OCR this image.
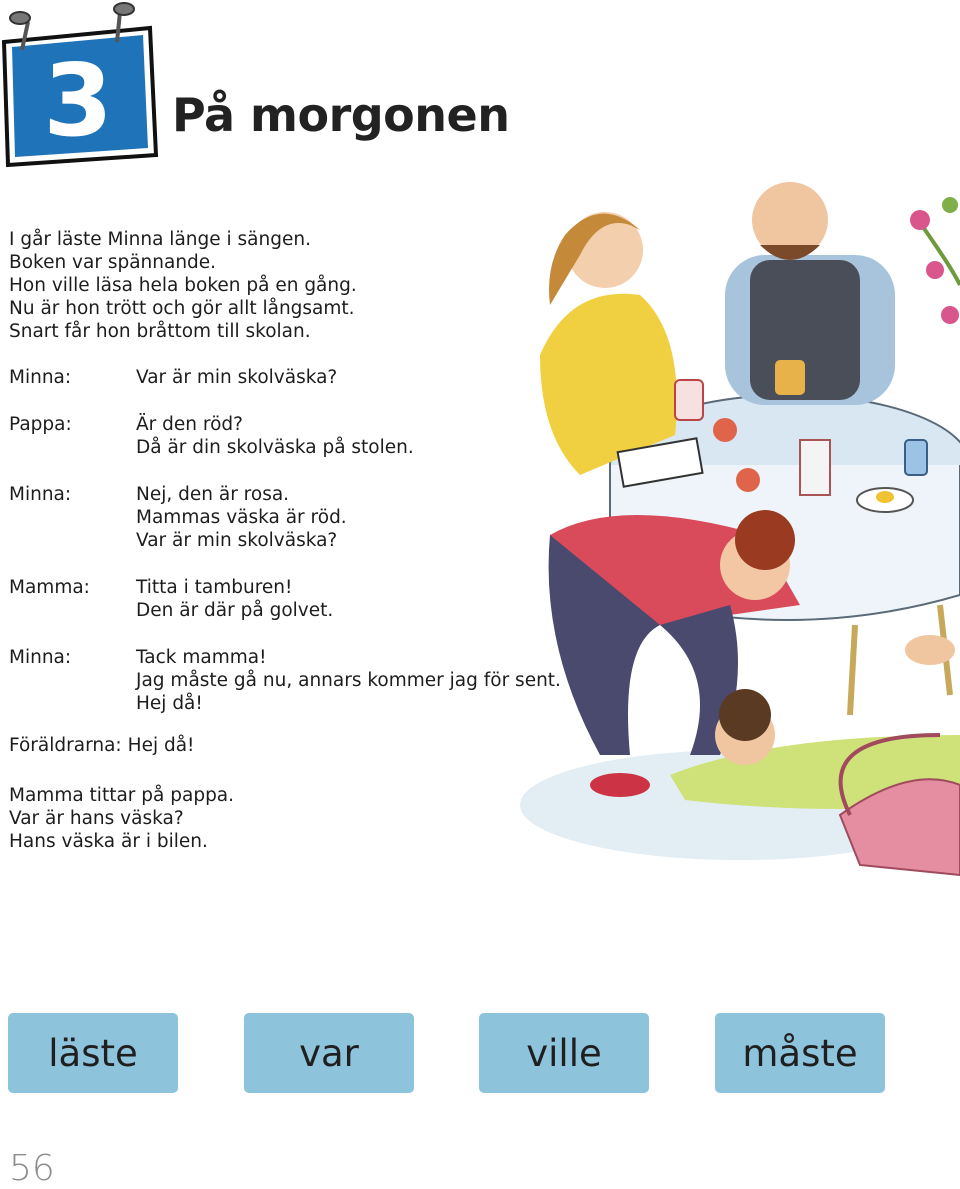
3 På morgonen

I går läste Minna länge i sängen.

Boken var spännande.

Hon ville läsa hela boken på en gång.

Nu är hon trött och gör allt långsamt.

Snart får hon bråttom till skolan.

Minna:	Var är min skolväska?

Pappa:	Är den röd?

Då är din skolväska på stolen.

Minna:	Nej, den är rosa.

Mammas väska är röd.

Var är min skolväska?

Mamma: Titta i tamburen!

Den är där på golvet.

Minna:	Tack mamma!

Jag måste gå nu, annars kommer jag för sent.

Hej då!

Föräldrarna: Hej då!

Mamma tittar på pappa.

Var är hans väska?

Hans väska är i bilen.

läste	var	ville	måste
56
